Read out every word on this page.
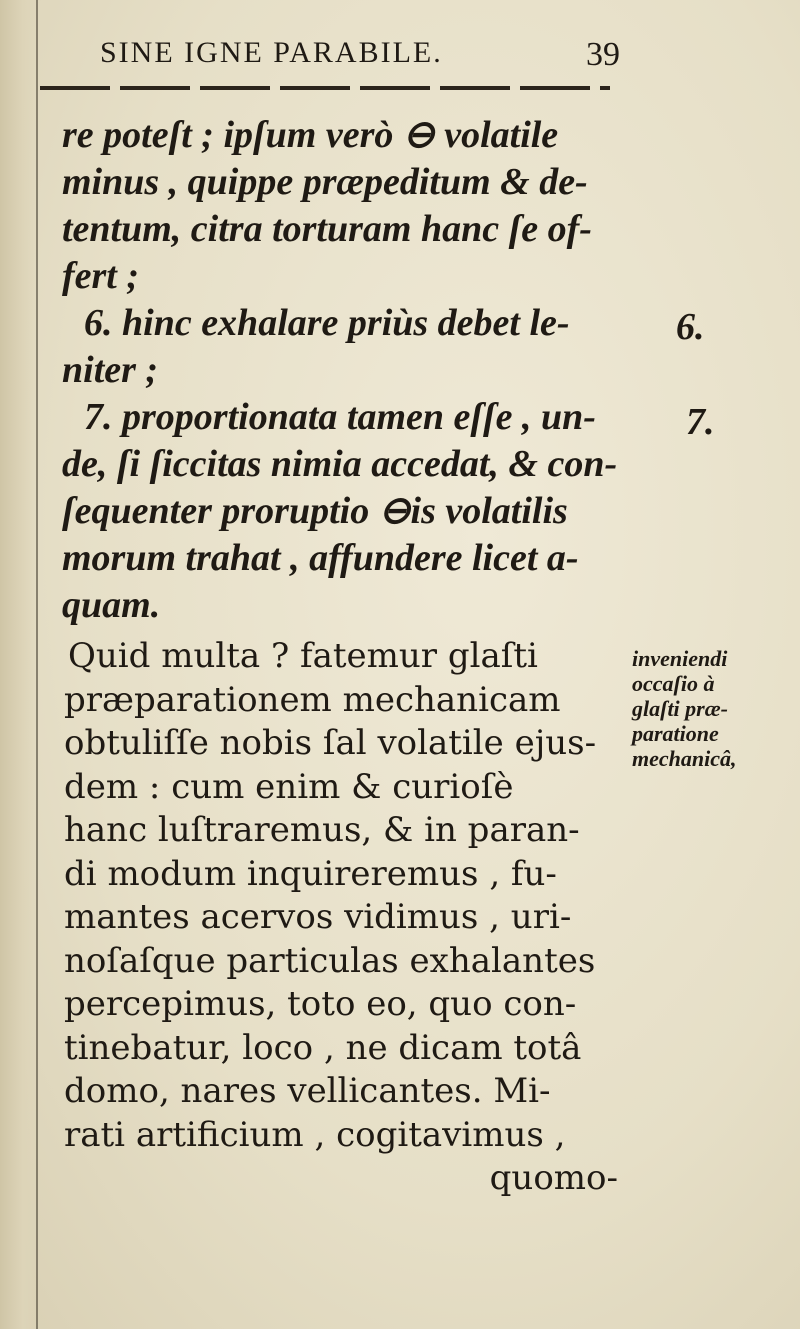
SINE IGNE PARABILE.	39
re poteſt ; ipſum verò ⊖ volatile
minus , quippe præpeditum & de-
tentum, citra torturam hanc ſe of-
fert ;
6. hinc exhalare priùs debet le-
niter ;
7. proportionata tamen eſſe , un-
de, ſi ſiccitas nimia accedat, & con-
ſequenter proruptio ⊖is volatilis
morum trahat , affundere licet a-
quam.
6.
7.
Quid multa ? fatemur glaſti
præparationem mechanicam
obtuliſſe nobis ſal volatile ejus-
dem : cum enim & curioſè
hanc luſtraremus, & in paran-
di modum inquireremus , fu-
mantes acervos vidimus , uri-
noſaſque particulas exhalantes
percepimus, toto eo, quo con-
tinebatur, loco , ne dicam totâ
domo, nares vellicantes. Mi-
rati artificium , cogitavimus ,
quomo-
inveniendi
occaſio à
glaſti præ-
paratione
mechanicâ,
